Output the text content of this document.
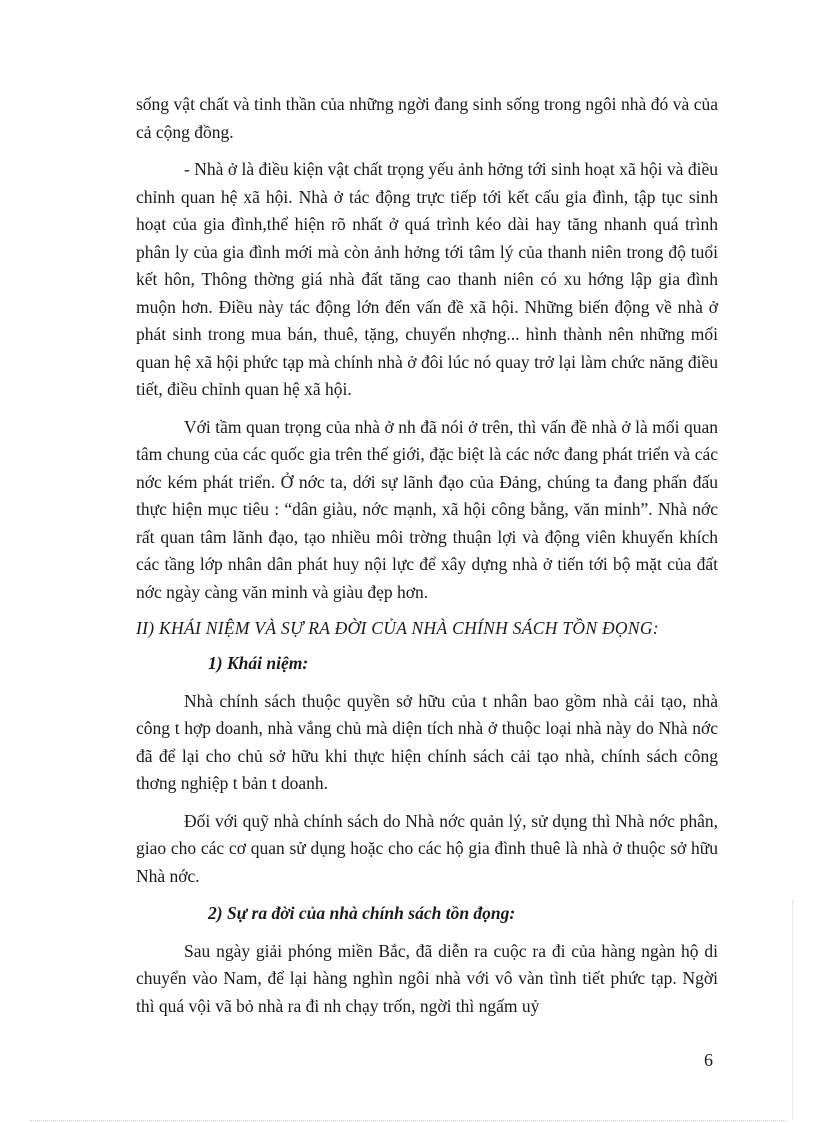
sống vật chất và tinh thần của những ngời đang sinh sống trong ngôi nhà đó và của cả cộng đồng.

- Nhà ở là điều kiện vật chất trọng yếu ảnh hởng tới sinh hoạt xã hội và điều chỉnh quan hệ xã hội. Nhà ở tác động trực tiếp tới kết cấu gia đình, tập tục sinh hoạt của gia đình,thể hiện rõ nhất ở quá trình kéo dài hay tăng nhanh quá trình phân ly của gia đình mới mà còn ảnh hởng tới tâm lý của thanh niên trong độ tuổi kết hôn, Thông thờng giá nhà đất tăng cao thanh niên có xu hớng lập gia đình muộn hơn. Điều này tác động lớn đến vấn đề xã hội. Những biến động về nhà ở phát sinh trong mua bán, thuê, tặng, chuyển nhợng... hình thành nên những mối quan hệ xã hội phức tạp mà chính nhà ở đôi lúc nó quay trở lại làm chức năng điều tiết, điều chỉnh quan hệ xã hội.

Với tầm quan trọng của nhà ở nh đã nói ở trên, thì vấn đề nhà ở là mối quan tâm chung của các quốc gia trên thế giới, đặc biệt là các nớc đang phát triển và các nớc kém phát triển. Ở nớc ta, dới sự lãnh đạo của Đảng, chúng ta đang phấn đấu thực hiện mục tiêu : “dân giàu, nớc mạnh, xã hội công bằng, văn minh”. Nhà nớc rất quan tâm lãnh đạo, tạo nhiều môi trờng thuận lợi và động viên khuyến khích các tầng lớp nhân dân phát huy nội lực để xây dựng nhà ở tiến tới bộ mặt của đất nớc ngày càng văn minh và giàu đẹp hơn.

II) KHÁI NIỆM VÀ SỰ RA ĐỜI CỦA NHÀ CHÍNH SÁCH TỒN ĐỌNG:

1) Khái niệm:

Nhà chính sách thuộc quyền sở hữu của t nhân bao gồm nhà cải tạo, nhà công t hợp doanh, nhà vắng chủ mà diện tích nhà ở thuộc loại nhà này do Nhà nớc đã để lại cho chủ sở hữu khi thực hiện chính sách cải tạo nhà, chính sách công thơng nghiệp t bản t doanh.

Đối với quỹ nhà chính sách do Nhà nớc quản lý, sử dụng thì Nhà nớc phân, giao cho các cơ quan sử dụng hoặc cho các hộ gia đình thuê là nhà ở thuộc sở hữu Nhà nớc.

2) Sự ra đời của nhà chính sách tồn đọng:

Sau ngày giải phóng miền Bắc, đã diễn ra cuộc ra đi của hàng ngàn hộ di chuyển vào Nam, để lại hàng nghìn ngôi nhà với vô vàn tình tiết phức tạp. Ngời thì quá vội vã bỏ nhà ra đi nh chạy trốn, ngời thì ngấm uỷ

6
